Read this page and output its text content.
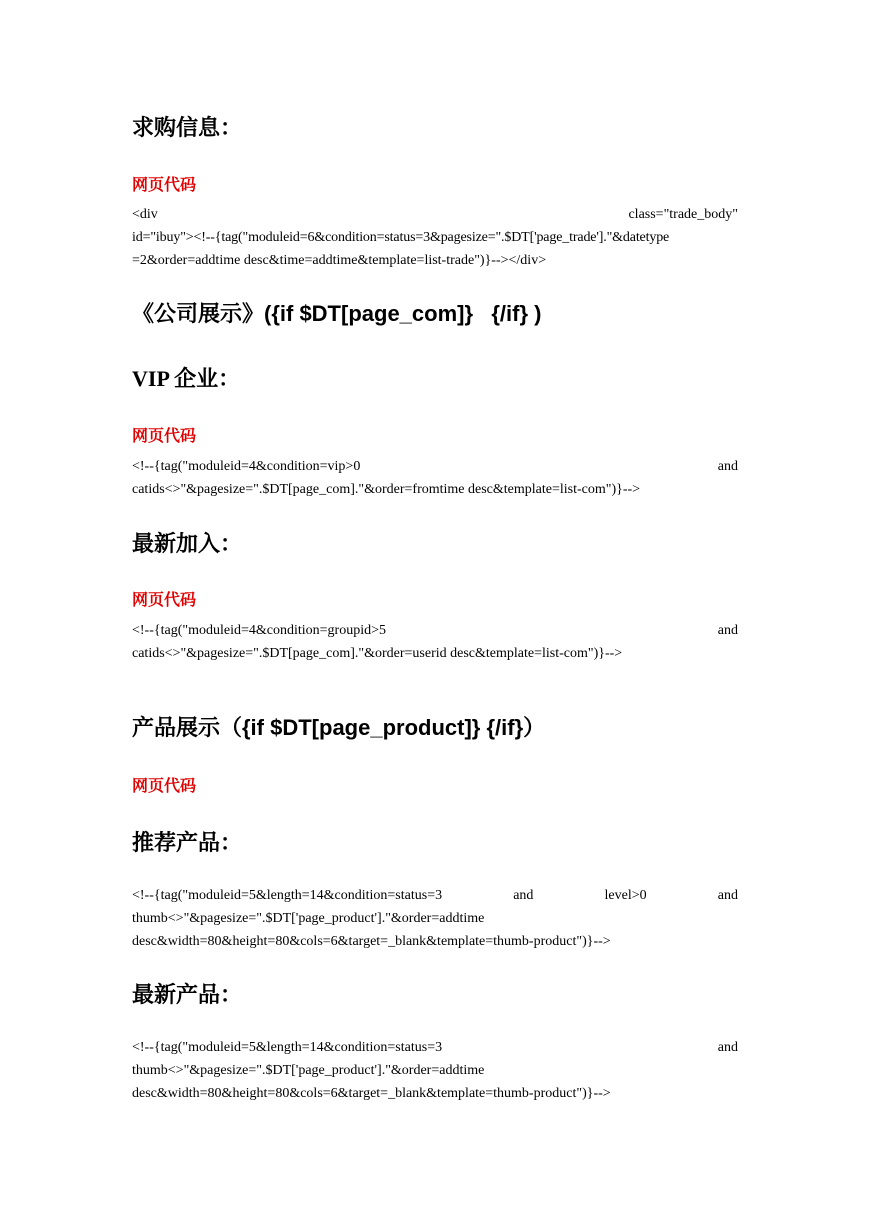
求购信息：
网页代码
<div	class="trade_body"
id="ibuy"><!--{tag("moduleid=6&condition=status=3&pagesize=".$DT['page_trade']."&datetype
=2&order=addtime desc&time=addtime&template=list-trade")}--></div>
《公司展示》({if $DT[page_com]}   {/if} )
VIP 企业：
网页代码
<!--{tag("moduleid=4&condition=vip>0	and
catids<>"&pagesize=".$DT[page_com]."&order=fromtime desc&template=list-com")}-->
最新加入：
网页代码
<!--{tag("moduleid=4&condition=groupid>5	and
catids<>"&pagesize=".$DT[page_com]."&order=userid desc&template=list-com")}-->
产品展示（{if $DT[page_product]} {/if}）
网页代码
推荐产品：
<!--{tag("moduleid=5&length=14&condition=status=3	and	level>0	and
thumb<>"&pagesize=".$DT['page_product']."&order=addtime
desc&width=80&height=80&cols=6&target=_blank&template=thumb-product")}-->
最新产品：
<!--{tag("moduleid=5&length=14&condition=status=3	and
thumb<>"&pagesize=".$DT['page_product']."&order=addtime
desc&width=80&height=80&cols=6&target=_blank&template=thumb-product")}-->
